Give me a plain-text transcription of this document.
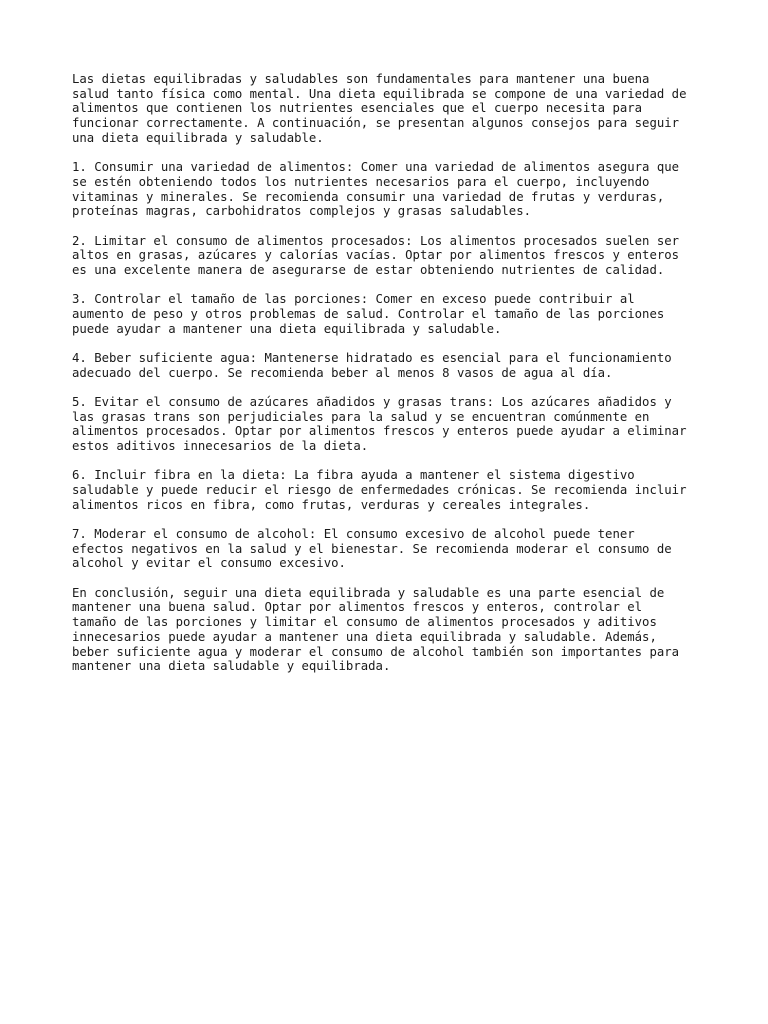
Las dietas equilibradas y saludables son fundamentales para mantener una buena
salud tanto física como mental. Una dieta equilibrada se compone de una variedad de
alimentos que contienen los nutrientes esenciales que el cuerpo necesita para
funcionar correctamente. A continuación, se presentan algunos consejos para seguir
una dieta equilibrada y saludable.

1. Consumir una variedad de alimentos: Comer una variedad de alimentos asegura que
se estén obteniendo todos los nutrientes necesarios para el cuerpo, incluyendo
vitaminas y minerales. Se recomienda consumir una variedad de frutas y verduras,
proteínas magras, carbohidratos complejos y grasas saludables.

2. Limitar el consumo de alimentos procesados: Los alimentos procesados suelen ser
altos en grasas, azúcares y calorías vacías. Optar por alimentos frescos y enteros
es una excelente manera de asegurarse de estar obteniendo nutrientes de calidad.

3. Controlar el tamaño de las porciones: Comer en exceso puede contribuir al
aumento de peso y otros problemas de salud. Controlar el tamaño de las porciones
puede ayudar a mantener una dieta equilibrada y saludable.

4. Beber suficiente agua: Mantenerse hidratado es esencial para el funcionamiento
adecuado del cuerpo. Se recomienda beber al menos 8 vasos de agua al día.

5. Evitar el consumo de azúcares añadidos y grasas trans: Los azúcares añadidos y
las grasas trans son perjudiciales para la salud y se encuentran comúnmente en
alimentos procesados. Optar por alimentos frescos y enteros puede ayudar a eliminar
estos aditivos innecesarios de la dieta.

6. Incluir fibra en la dieta: La fibra ayuda a mantener el sistema digestivo
saludable y puede reducir el riesgo de enfermedades crónicas. Se recomienda incluir
alimentos ricos en fibra, como frutas, verduras y cereales integrales.

7. Moderar el consumo de alcohol: El consumo excesivo de alcohol puede tener
efectos negativos en la salud y el bienestar. Se recomienda moderar el consumo de
alcohol y evitar el consumo excesivo.

En conclusión, seguir una dieta equilibrada y saludable es una parte esencial de
mantener una buena salud. Optar por alimentos frescos y enteros, controlar el
tamaño de las porciones y limitar el consumo de alimentos procesados y aditivos
innecesarios puede ayudar a mantener una dieta equilibrada y saludable. Además,
beber suficiente agua y moderar el consumo de alcohol también son importantes para
mantener una dieta saludable y equilibrada.
